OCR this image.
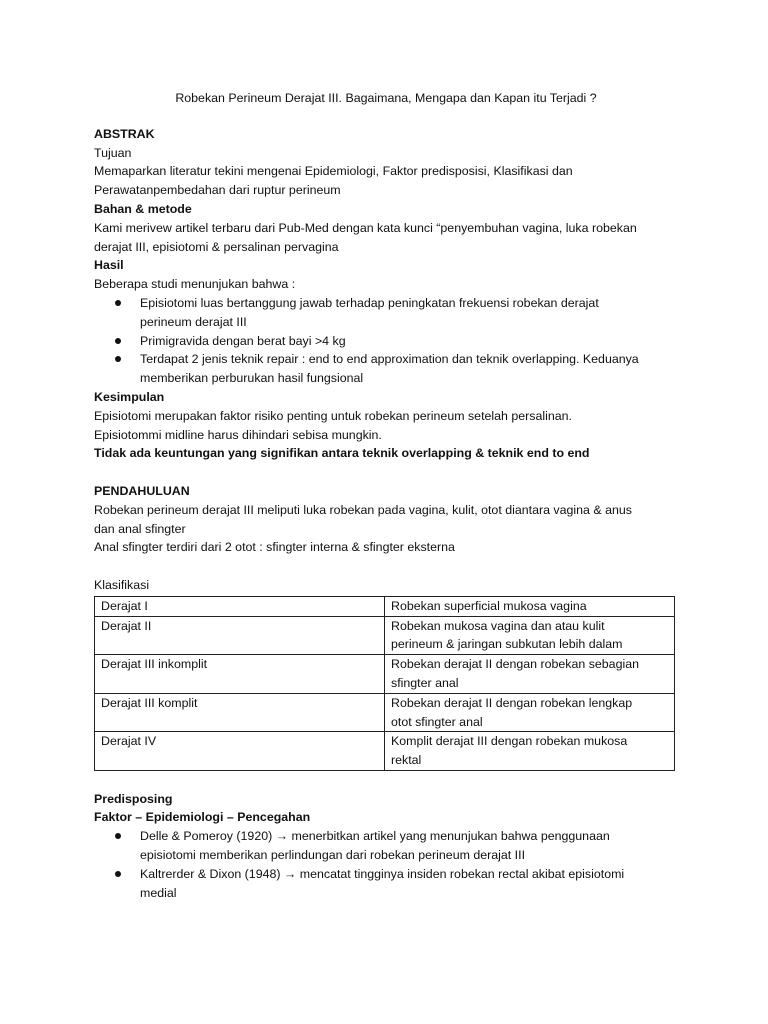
Robekan Perineum Derajat III. Bagaimana, Mengapa dan Kapan itu Terjadi ?
ABSTRAK
Tujuan
Memaparkan literatur tekini mengenai Epidemiologi, Faktor predisposisi, Klasifikasi dan
Perawatanpembedahan dari ruptur perineum
Bahan & metode
Kami merivew artikel terbaru dari Pub-Med dengan kata kunci “penyembuhan vagina, luka robekan
derajat III, episiotomi & persalinan pervagina
Hasil
Beberapa studi menunjukan bahwa :
Episiotomi luas bertanggung jawab terhadap peningkatan frekuensi robekan derajat
perineum derajat III
Primigravida dengan berat bayi >4 kg
Terdapat 2 jenis teknik repair : end to end approximation dan teknik overlapping. Keduanya
memberikan perburukan hasil fungsional
Kesimpulan
Episiotomi merupakan faktor risiko penting untuk robekan perineum setelah persalinan.
Episiotommi midline harus dihindari sebisa mungkin.
Tidak ada keuntungan yang signifikan antara teknik overlapping & teknik end to end
PENDAHULUAN
Robekan perineum derajat III meliputi luka robekan pada vagina, kulit, otot diantara vagina & anus
dan anal sfingter
Anal sfingter terdiri dari 2 otot : sfingter interna & sfingter eksterna
Klasifikasi
Derajat I	Robekan superficial mukosa vagina

Derajat II	Robekan mukosa vagina dan atau kulit
perineum & jaringan subkutan lebih dalam

Derajat III inkomplit	Robekan derajat II dengan robekan sebagian
sfingter anal

Derajat III komplit	Robekan derajat II dengan robekan lengkap
otot sfingter anal

Derajat IV	Komplit derajat III dengan robekan mukosa
rektal
Predisposing
Faktor – Epidemiologi – Pencegahan
Delle & Pomeroy (1920) → menerbitkan artikel yang menunjukan bahwa penggunaan
episiotomi memberikan perlindungan dari robekan perineum derajat III
Kaltrerder & Dixon (1948) → mencatat tingginya insiden robekan rectal akibat episiotomi
medial
